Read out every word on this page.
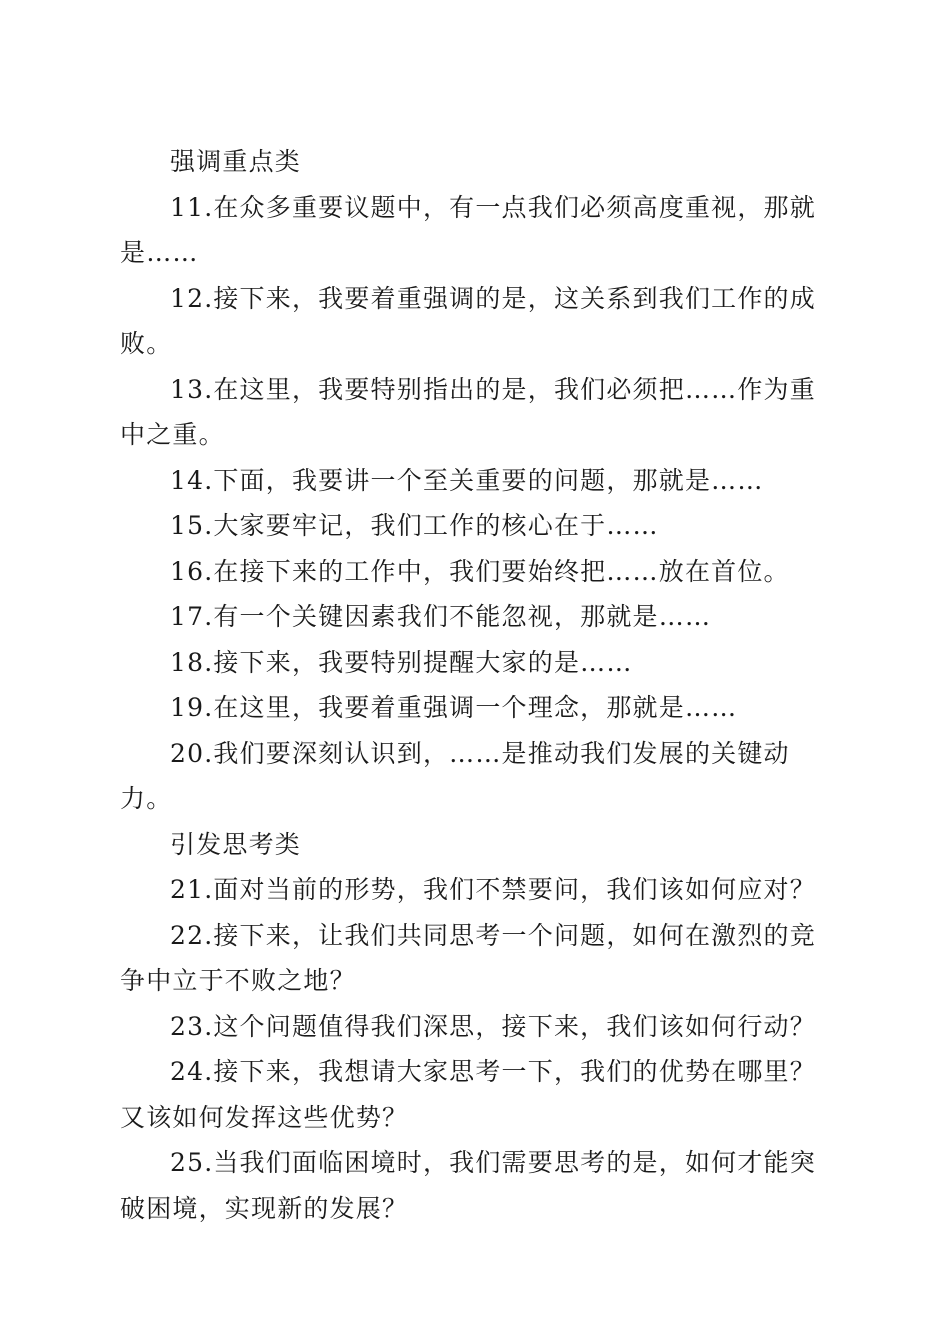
强调重点类

11.在众多重要议题中，有一点我们必须高度重视，那就是……

12.接下来，我要着重强调的是，这关系到我们工作的成败。

13.在这里，我要特别指出的是，我们必须把……作为重中之重。

14.下面，我要讲一个至关重要的问题，那就是……

15.大家要牢记，我们工作的核心在于……

16.在接下来的工作中，我们要始终把……放在首位。

17.有一个关键因素我们不能忽视，那就是……

18.接下来，我要特别提醒大家的是……

19.在这里，我要着重强调一个理念，那就是……

20.我们要深刻认识到，……是推动我们发展的关键动力。

引发思考类

21.面对当前的形势，我们不禁要问，我们该如何应对？

22.接下来，让我们共同思考一个问题，如何在激烈的竞争中立于不败之地？

23.这个问题值得我们深思，接下来，我们该如何行动？

24.接下来，我想请大家思考一下，我们的优势在哪里？又该如何发挥这些优势？

25.当我们面临困境时，我们需要思考的是，如何才能突破困境，实现新的发展？
